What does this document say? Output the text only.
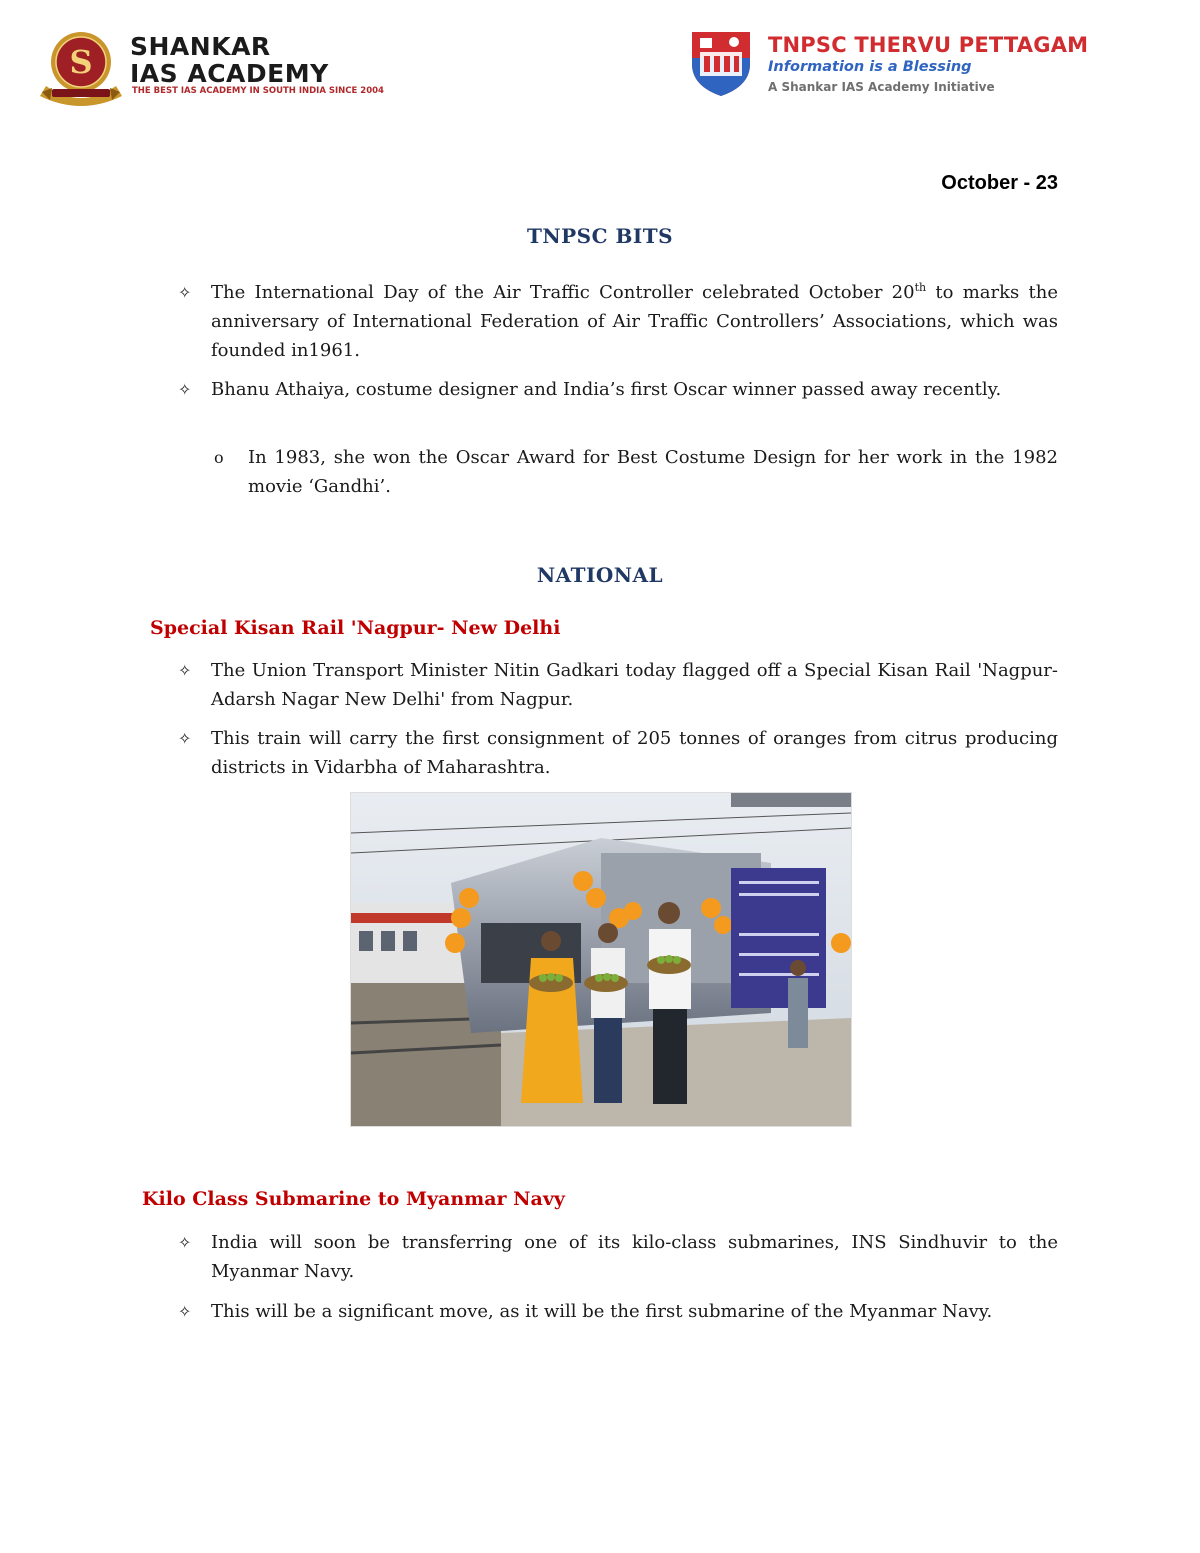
S SHANKAR
IAS ACADEMY
THE BEST IAS ACADEMY IN SOUTH INDIA SINCE 2004
TNPSC THERVU PETTAGAM
Information is a Blessing
A Shankar IAS Academy Initiative
October - 23
TNPSC BITS
✧	The International Day of the Air Traffic Controller celebrated October 20th to marks the anniversary of International Federation of Air Traffic Controllers’ Associations, which was founded in1961.
✧	Bhanu Athaiya, costume designer and India’s first Oscar winner passed away recently.
o In 1983, she won the Oscar Award for Best Costume Design for her work in the 1982 movie ‘Gandhi’.
NATIONAL
Special Kisan Rail 'Nagpur- New Delhi
✧	The Union Transport Minister Nitin Gadkari today flagged off a Special Kisan Rail 'Nagpur-Adarsh Nagar New Delhi' from Nagpur.
✧	This train will carry the first consignment of 205 tonnes of oranges from citrus producing districts in Vidarbha of Maharashtra.
Kilo Class Submarine to Myanmar Navy
✧	India will soon be transferring one of its kilo-class submarines, INS Sindhuvir to the Myanmar Navy.
✧	This will be a significant move, as it will be the first submarine of the Myanmar Navy.
